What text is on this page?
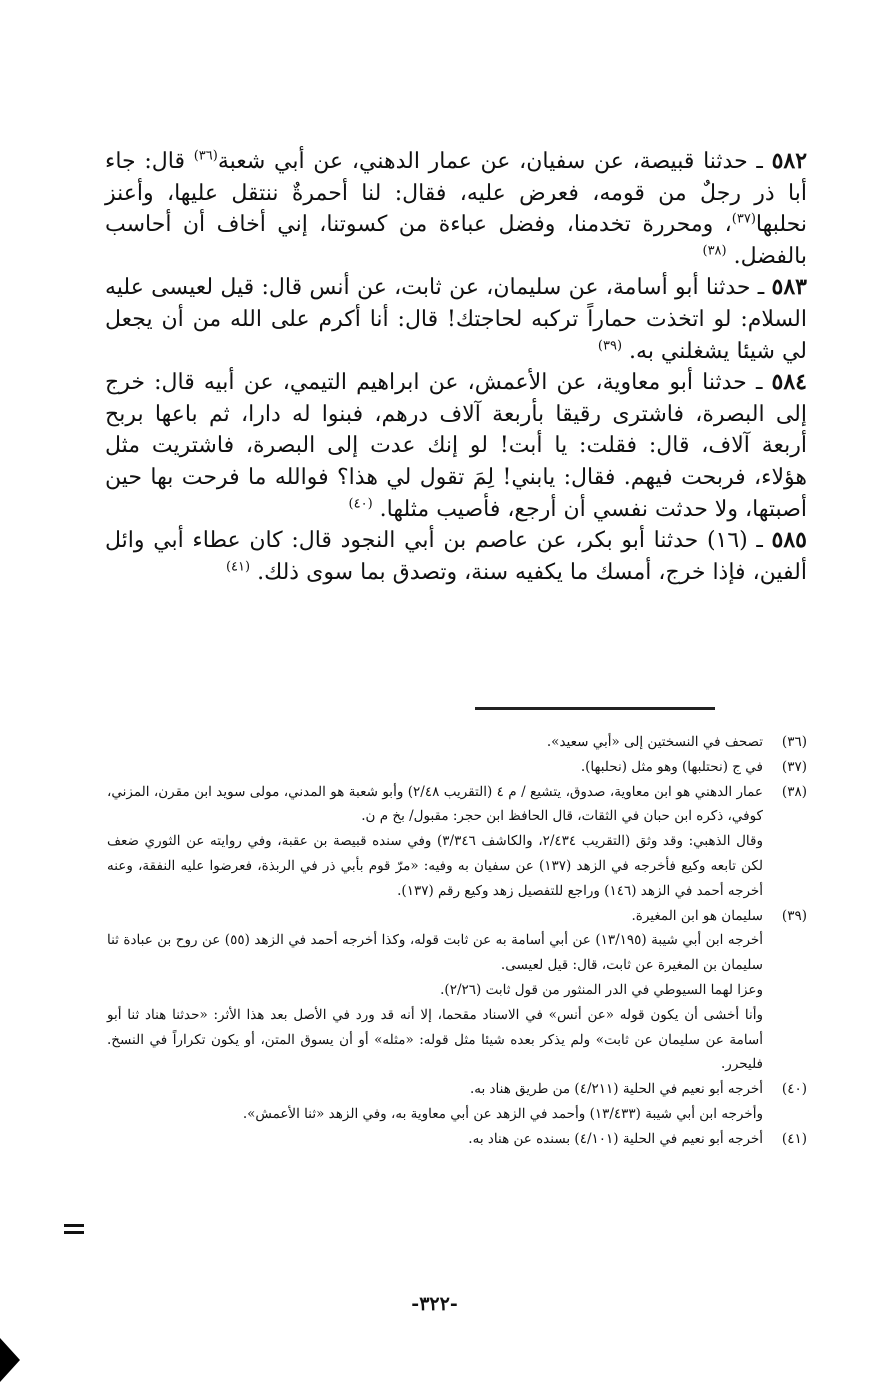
٥٨٢ ـ حدثنا قبيصة، عن سفيان، عن عمار الدهني، عن أبي شعبة$^{(٣٦)}$ قال: جاء أبا ذر رجلٌ من قومه، فعرض عليه، فقال: لنا أحمرةٌ ننتقل عليها، وأعنز نحلبها$^{(٣٧)}$، ومحررة تخدمنا، وفضل عباءة من كسوتنا، إني أخاف أن أحاسب بالفضل. $^{(٣٨)}$

٥٨٣ ـ حدثنا أبو أسامة، عن سليمان، عن ثابت، عن أنس قال: قيل لعيسى عليه السلام: لو اتخذت حماراً تركبه لحاجتك! قال: أنا أكرم على الله من أن يجعل لي شيئا يشغلني به. $^{(٣٩)}$

٥٨٤ ـ حدثنا أبو معاوية، عن الأعمش، عن ابراهيم التيمي، عن أبيه قال: خرج إلى البصرة، فاشترى رقيقا بأربعة آلاف درهم، فبنوا له دارا، ثم باعها بربح أربعة آلاف، قال: فقلت: يا أبت! لو إنك عدت إلى البصرة، فاشتريت مثل هؤلاء، فربحت فيهم. فقال: يابني! لِمَ تقول لي هذا؟ فوالله ما فرحت بها حين أصبتها، ولا حدثت نفسي أن أرجع، فأصيب مثلها. $^{(٤٠)}$

٥٨٥ ـ (١٦) حدثنا أبو بكر، عن عاصم بن أبي النجود قال: كان عطاء أبي وائل ألفين، فإذا خرج، أمسك ما يكفيه سنة، وتصدق بما سوى ذلك. $^{(٤١)}$

(٣٦)
تصحف في النسختين إلى «أبي سعيد».
(٣٧)
في ج (نحتلبها) وهو مثل (نحلبها).
(٣٨)
عمار الدهني هو ابن معاوية، صدوق، يتشيع / م ٤ (التقريب ٢/٤٨) وأبو شعبة هو المدني، مولى سويد ابن مقرن، المزني، كوفي، ذكره ابن حبان في الثقات، قال الحافظ ابن حجر: مقبول/ بخ م ن.
وقال الذهبي: وقد وثق (التقريب ٢/٤٣٤، والكاشف ٣/٣٤٦) وفي سنده قبيصة بن عقبة، وفي روايته عن الثوري ضعف لكن تابعه وكيع فأخرجه في الزهد (١٣٧) عن سفيان به وفيه: «مرّ قوم بأبي ذر في الربذة، فعرضوا عليه النفقة، وعنه أخرجه أحمد في الزهد (١٤٦) وراجع للتفصيل زهد وكيع رقم (١٣٧).
(٣٩)
سليمان هو ابن المغيرة.
أخرجه ابن أبي شيبة (١٣/١٩٥) عن أبي أسامة به عن ثابت قوله، وكذا أخرجه أحمد في الزهد (٥٥) عن روح بن عبادة ثنا سليمان بن المغيرة عن ثابت، قال: قيل لعيسى.
وعزا لهما السيوطي في الدر المنثور من قول ثابت (٢/٢٦).
وأنا أخشى أن يكون قوله «عن أنس» في الاسناد مقحما، إلا أنه قد ورد في الأصل بعد هذا الأثر: «حدثنا هناد ثنا أبو أسامة عن سليمان عن ثابت» ولم يذكر بعده شيئا مثل قوله: «مثله» أو أن يسوق المتن، أو يكون تكراراً في النسخ. فليحرر.
(٤٠)
أخرجه أبو نعيم في الحلية (٤/٢١١) من طريق هناد به.
وأخرجه ابن أبي شيبة (١٣/٤٣٣) وأحمد في الزهد عن أبي معاوية به، وفي الزهد «ثنا الأعمش».
(٤١)
أخرجه أبو نعيم في الحلية (٤/١٠١) بسنده عن هناد به.
-٣٢٢-
